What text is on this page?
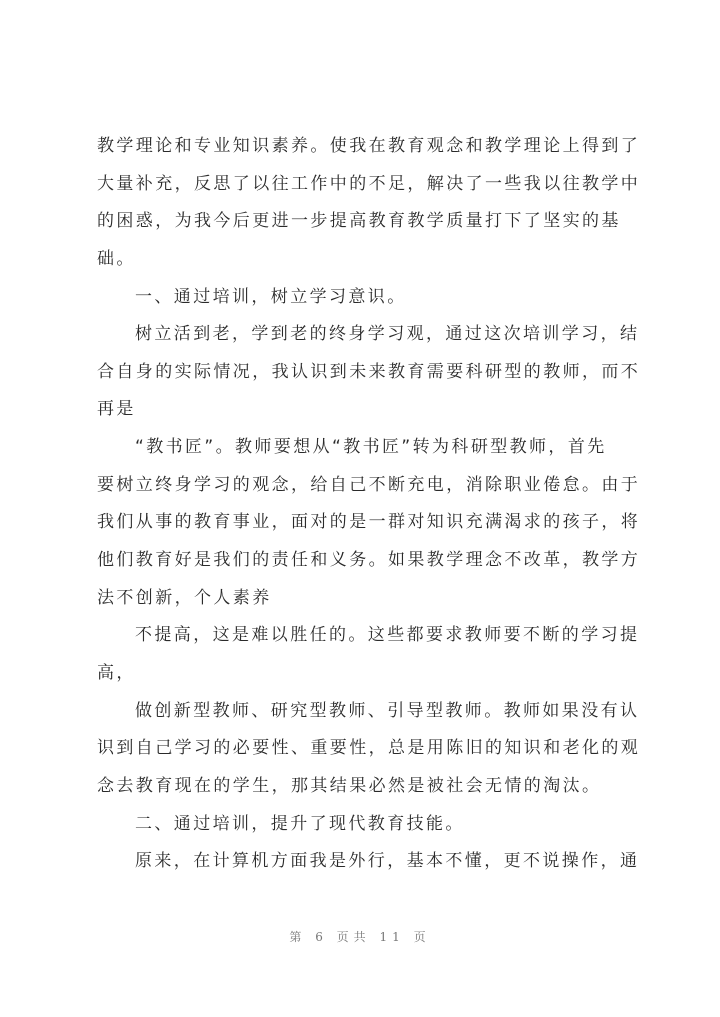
教学理论和专业知识素养。使我在教育观念和教学理论上得到了
大量补充，反思了以往工作中的不足，解决了一些我以往教学中
的困惑，为我今后更进一步提高教育教学质量打下了坚实的基
础。
一、通过培训，树立学习意识。
树立活到老，学到老的终身学习观，通过这次培训学习，结
合自身的实际情况，我认识到未来教育需要科研型的教师，而不
再是
“教书匠”。教师要想从“教书匠”转为科研型教师，首先
要树立终身学习的观念，给自己不断充电，消除职业倦怠。由于
我们从事的教育事业，面对的是一群对知识充满渴求的孩子，将
他们教育好是我们的责任和义务。如果教学理念不改革，教学方
法不创新，个人素养
不提高，这是难以胜任的。这些都要求教师要不断的学习提
高，
做创新型教师、研究型教师、引导型教师。教师如果没有认
识到自己学习的必要性、重要性，总是用陈旧的知识和老化的观
念去教育现在的学生，那其结果必然是被社会无情的淘汰。
二、通过培训，提升了现代教育技能。
原来，在计算机方面我是外行，基本不懂，更不说操作，通
第 6 页共 11 页
